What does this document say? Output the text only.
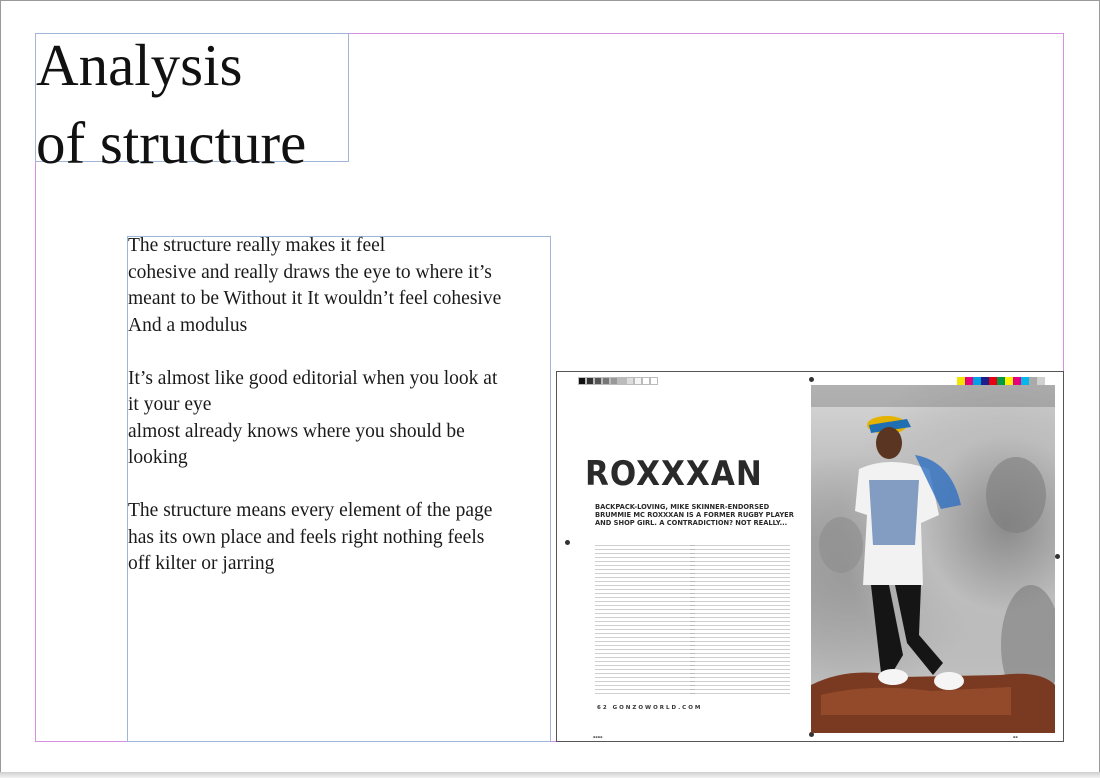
Analysis
of structure

The structure really makes it feel
cohesive and really draws the eye to where it’s
meant to be Without it It wouldn’t feel cohesive
And a modulus

It’s almost like good editorial when you look at
it your eye
almost already knows where you should be
looking

The structure means every element of the page
has its own place and feels right nothing feels
off kilter or jarring

ROXXXAN
BACKPACK-LOVING, MIKE SKINNER-ENDORSED BRUMMIE MC ROXXXAN IS A FORMER RUGBY PLAYER AND SHOP GIRL. A CONTRADICTION? NOT REALLY...
62 GONZOWORLD.COM
▪▪▪▪	▪▪
